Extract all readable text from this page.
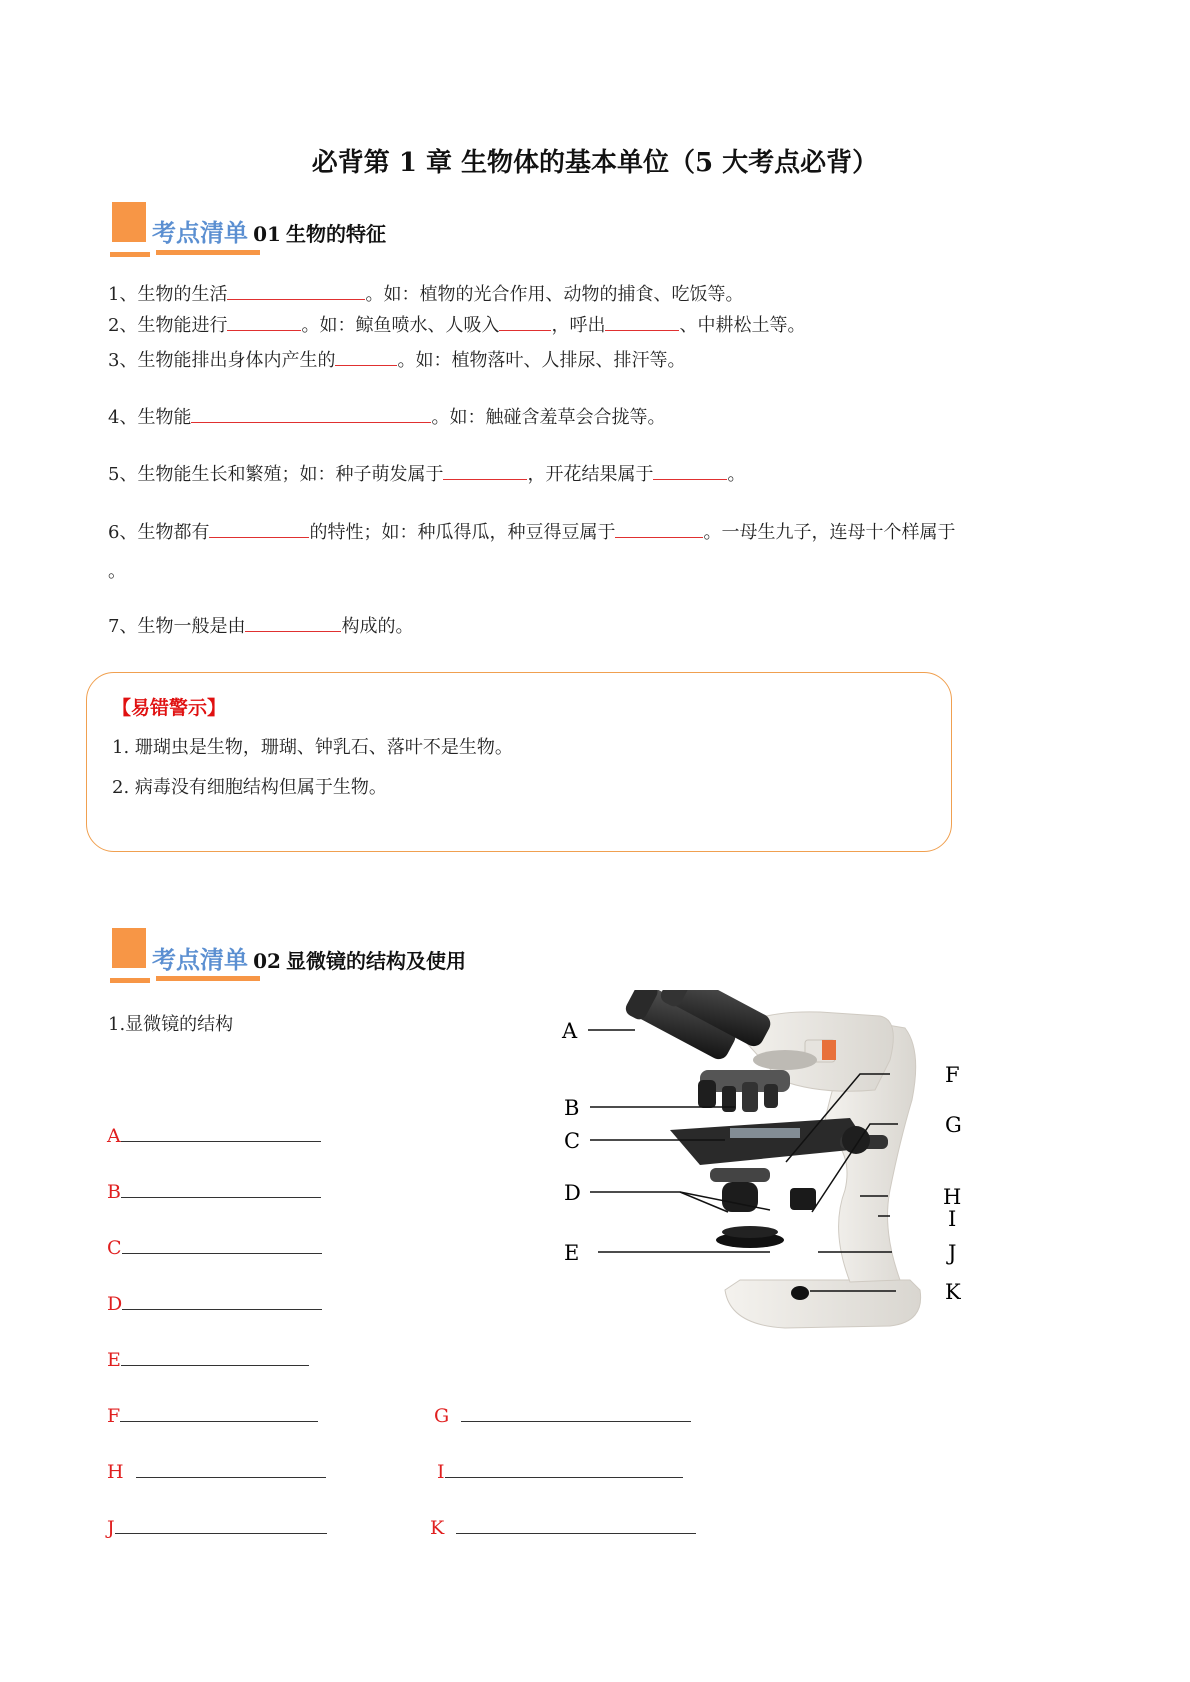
必背第 1 章 生物体的基本单位（5 大考点必背）
考点清单 01 生物的特征
1、生物的生活	。如：植物的光合作用、动物的捕食、吃饭等。
2、生物能进行	。如：鲸鱼喷水、人吸入	，呼出	、中耕松土等。
3、生物能排出身体内产生的	。如：植物落叶、人排尿、排汗等。
4、生物能	。如：触碰含羞草会合拢等。
5、生物能生长和繁殖；如：种子萌发属于	，开花结果属于	。
6、生物都有	的特性；如：种瓜得瓜，种豆得豆属于	。一母生九子，连母十个样属于
。
7、生物一般是由	构成的。
【易错警示】
1. 珊瑚虫是生物，珊瑚、钟乳石、落叶不是生物。
2. 病毒没有细胞结构但属于生物。
考点清单 02 显微镜的结构及使用
1.显微镜的结构
A
B
C
D
E
F	G
H	I
J	K
A
B
C
D
E
F
G
H
I
J
K
